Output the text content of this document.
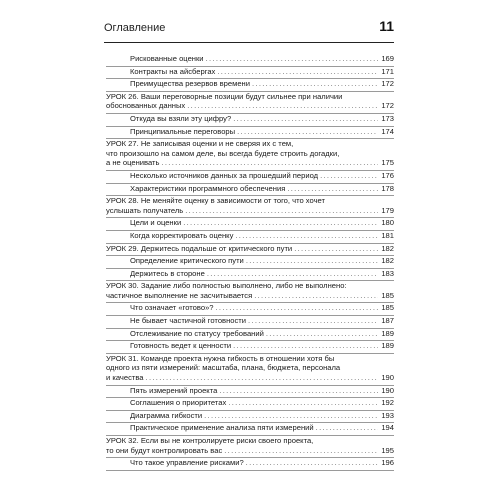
Оглавление	11
Рискованные оценки . . .	169
Контракты на айсбергах . . .	171
Преимущества резервов времени . . .	172
УРОК 26. Ваши переговорные позиции будут сильнее при наличии
обоснованных данных . . .	172
Откуда вы взяли эту цифру? . . .	173
Принципиальные переговоры . . .	174
УРОК 27. Не записывая оценки и не сверяя их с тем,
что произошло на самом деле, вы всегда будете строить догадки,
а не оценивать . . .	175
Несколько источников данных за прошедший период . . .	176
Характеристики программного обеспечения . . .	178
УРОК 28. Не меняйте оценку в зависимости от того, что хочет
услышать получатель . . .	179
Цели и оценки . . .	180
Когда корректировать оценку . . .	181
УРОК 29. Держитесь подальше от критического пути . . .	182
Определение критического пути . . .	182
Держитесь в стороне . . .	183
УРОК 30. Задание либо полностью выполнено, либо не выполнено:
частичное выполнение не засчитывается . . .	185
Что означает «готово»? . . .	185
Не бывает частичной готовности . . .	187
Отслеживание по статусу требований . . .	189
Готовность ведет к ценности . . .	189
УРОК 31. Команде проекта нужна гибкость в отношении хотя бы
одного из пяти измерений: масштаба, плана, бюджета, персонала
и качества . . .	190
Пять измерений проекта . . .	190
Соглашения о приоритетах . . .	192
Диаграмма гибкости . . .	193
Практическое применение анализа пяти измерений . . .	194
УРОК 32. Если вы не контролируете риски своего проекта,
то они будут контролировать вас . . .	195
Что такое управление рисками? . . .	196
